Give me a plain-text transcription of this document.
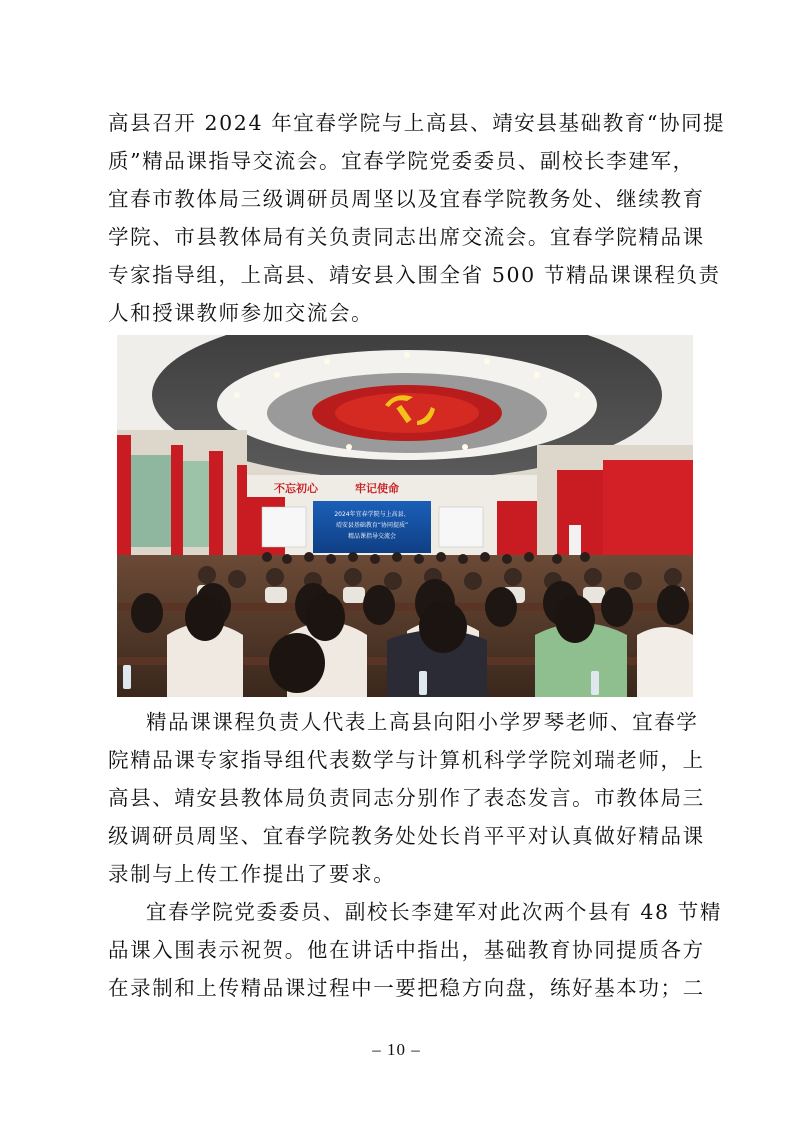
高县召开 2024 年宜春学院与上高县、靖安县基础教育“协同提
质”精品课指导交流会。宜春学院党委委员、副校长李建军，
宜春市教体局三级调研员周坚以及宜春学院教务处、继续教育
学院、市县教体局有关负责同志出席交流会。宜春学院精品课
专家指导组，上高县、靖安县入围全省 500 节精品课课程负责
人和授课教师参加交流会。
不忘初心	牢记使命
2024年宜春学院与上高县、
靖安县基础教育“协同提质”
精品课指导交流会
精品课课程负责人代表上高县向阳小学罗琴老师、宜春学
院精品课专家指导组代表数学与计算机科学学院刘瑞老师，上
高县、靖安县教体局负责同志分别作了表态发言。市教体局三
级调研员周坚、宜春学院教务处处长肖平平对认真做好精品课
录制与上传工作提出了要求。
宜春学院党委委员、副校长李建军对此次两个县有 48 节精
品课入围表示祝贺。他在讲话中指出，基础教育协同提质各方
在录制和上传精品课过程中一要把稳方向盘，练好基本功；二
– 10 –
